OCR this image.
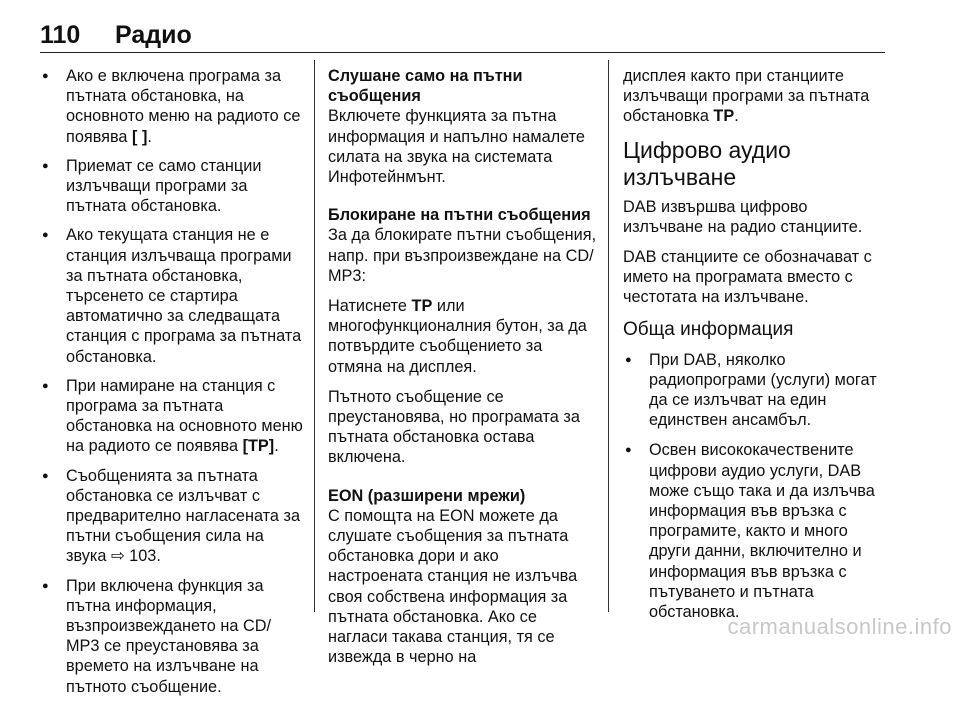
110	Радио
● Ако е включена програма за пътната обстановка, на основното меню на радиото се появява [ ].
● Приемат се само станции излъчващи програми за пътната обстановка.
● Ако текущата станция не е станция излъчваща програми за пътната обстановка, търсенето се стартира автоматично за следващата станция с програма за пътната обстановка.
● При намиране на станция с програма за пътната обстановка на основното меню на радиото се появява [TP].
● Съобщенията за пътната обстановка се излъчват с предварително нагласената за пътни съобщения сила на звука ⇨ 103.
● При включена функция за пътна информация, възпроизвеждането на CD/ MP3 се преустановява за времето на излъчване на пътното съобщение.
Слушане само на пътни съобщения

Включете функцията за пътна информация и напълно намалете силата на звука на системата Инфотейнмънт.

Блокиране на пътни съобщения

За да блокирате пътни съобщения, напр. при възпроизвеждане на CD/ MP3:

Натиснете TP или многофункционалния бутон, за да потвърдите съобщението за отмяна на дисплея.

Пътното съобщение се преустановява, но програмата за пътната обстановка остава включена.

EON (разширени мрежи)

С помощта на EON можете да слушате съобщения за пътната обстановка дори и ако настроената станция не излъчва своя собствена информация за пътната обстановка. Ако се нагласи такава станция, тя се извежда в черно на

дисплея както при станциите излъчващи програми за пътната обстановка TP.

Цифрово аудио излъчване

DAB извършва цифрово излъчване на радио станциите.

DAB станциите се обозначават с името на програмата вместо с честотата на излъчване.

Обща информация
● При DAB, няколко радиопрограми (услуги) могат да се излъчват на един единствен ансамбъл.
● Освен висококачествените цифрови аудио услуги, DAB може също така и да излъчва информация във връзка с програмите, както и много други данни, включително и информация във връзка с пътуването и пътната обстановка.
carmanualsonline.info
